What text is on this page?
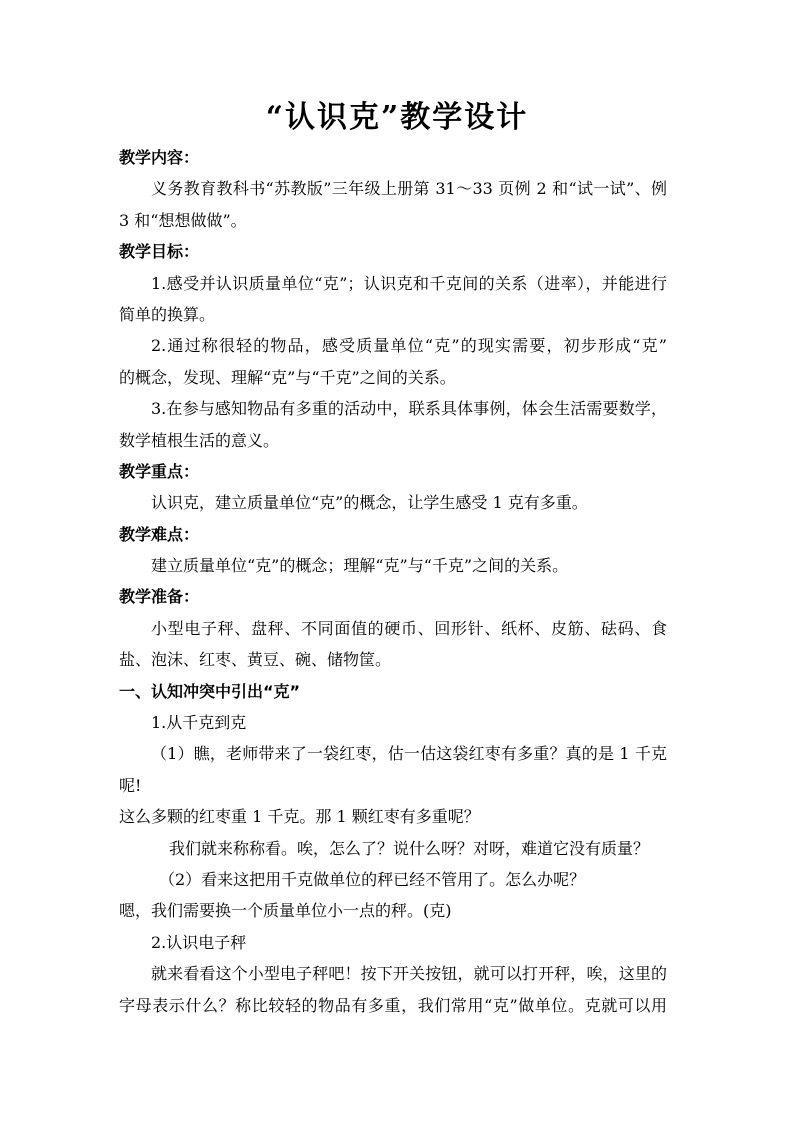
“认识克”教学设计
教学内容：
义务教育教科书“苏教版”三年级上册第 31～33 页例 2 和“试一试”、例
3 和“想想做做”。
教学目标：
1.感受并认识质量单位“克”；认识克和千克间的关系（进率），并能进行
简单的换算。
2.通过称很轻的物品，感受质量单位“克”的现实需要，初步形成“克”
的概念，发现、理解“克”与“千克”之间的关系。
3.在参与感知物品有多重的活动中，联系具体事例，体会生活需要数学，
数学植根生活的意义。
教学重点：
认识克，建立质量单位“克”的概念，让学生感受 1 克有多重。
教学难点：
建立质量单位“克”的概念；理解“克”与“千克”之间的关系。
教学准备：
小型电子秤、盘秤、不同面值的硬币、回形针、纸杯、皮筋、砝码、食
盐、泡沫、红枣、黄豆、碗、储物筐。
一、认知冲突中引出“克”
1.从千克到克
（1）瞧，老师带来了一袋红枣，估一估这袋红枣有多重？真的是 1 千克
呢!
这么多颗的红枣重 1 千克。那 1 颗红枣有多重呢？
我们就来称称看。唉，怎么了？说什么呀？对呀，难道它没有质量？
（2）看来这把用千克做单位的秤已经不管用了。怎么办呢？
嗯，我们需要换一个质量单位小一点的秤。(克)
2.认识电子秤
就来看看这个小型电子秤吧！按下开关按钮，就可以打开秤，唉，这里的
字母表示什么？称比较轻的物品有多重，我们常用“克”做单位。克就可以用
